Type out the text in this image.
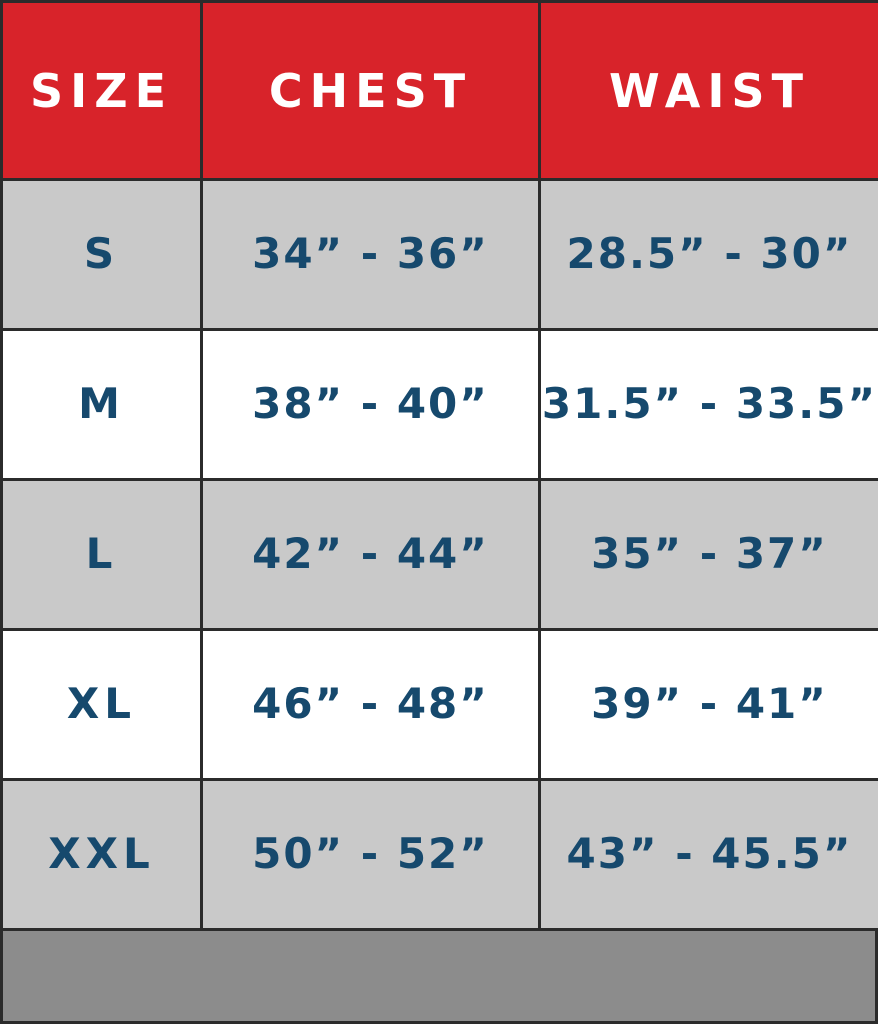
SIZE	CHEST	WAIST
S	34” - 36”	28.5” - 30”
M	38” - 40”	31.5” - 33.5”
L	42” - 44”	35” - 37”
XL	46” - 48”	39” - 41”
XXL	50” - 52”	43” - 45.5”
